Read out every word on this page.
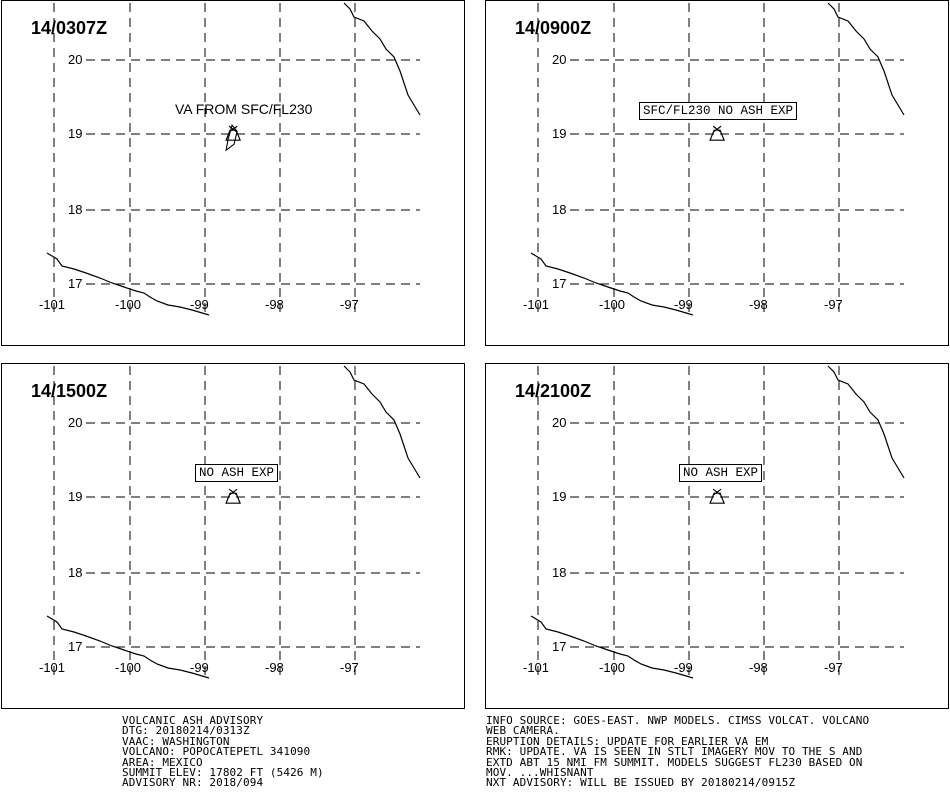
14/0307Z
20
19
18
17
-101	-100	-99	-98	-97
VA FROM SFC/FL230
14/0900Z
20
19
18
17
-101	-100	-99	-98	-97
SFC/FL230 NO ASH EXP
14/1500Z
20
19
18
17
-101	-100	-99	-98	-97
NO ASH EXP
14/2100Z
20
19
18
17
-101	-100	-99	-98	-97
NO ASH EXP
VOLCANIC ASH ADVISORY
DTG: 20180214/0313Z
VAAC: WASHINGTON
VOLCANO: POPOCATEPETL 341090
AREA: MEXICO
SUMMIT ELEV: 17802 FT (5426 M)
ADVISORY NR: 2018/094
INFO SOURCE: GOES-EAST. NWP MODELS. CIMSS VOLCAT. VOLCANO
WEB CAMERA.
ERUPTION DETAILS: UPDATE FOR EARLIER VA EM
RMK: UPDATE. VA IS SEEN IN STLT IMAGERY MOV TO THE S AND
EXTD ABT 15 NMI FM SUMMIT. MODELS SUGGEST FL230 BASED ON
MOV. ...WHISNANT
NXT ADVISORY: WILL BE ISSUED BY 20180214/0915Z
